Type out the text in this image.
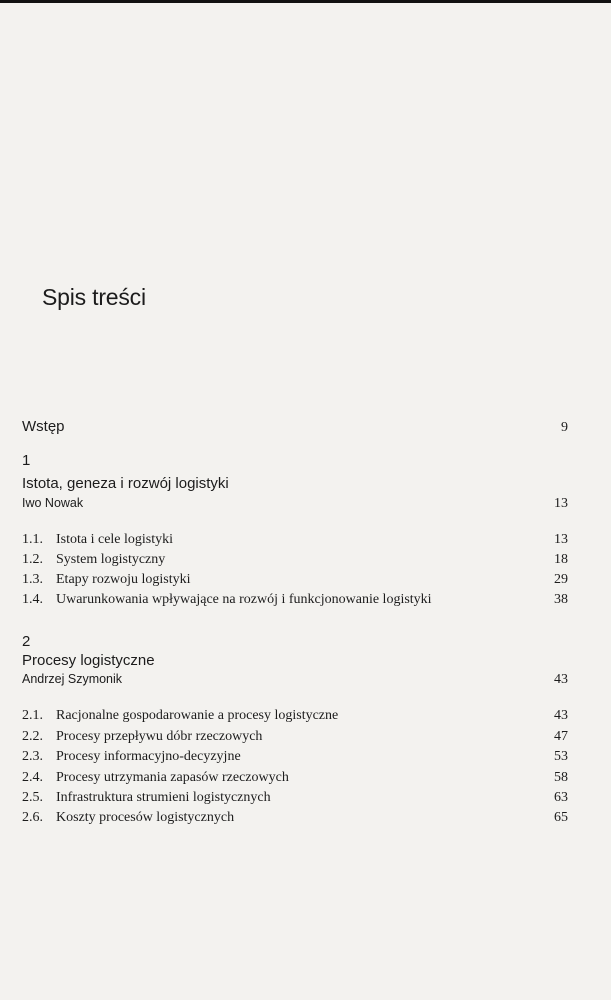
Spis treści
Wstęp	9
1
Istota, geneza i rozwój logistyki
Iwo Nowak	13
1.1. Istota i cele logistyki	13
1.2. System logistyczny	18
1.3. Etapy rozwoju logistyki	29
1.4. Uwarunkowania wpływające na rozwój i funkcjonowanie logistyki	38
2
Procesy logistyczne
Andrzej Szymonik	43
2.1. Racjonalne gospodarowanie a procesy logistyczne	43
2.2. Procesy przepływu dóbr rzeczowych	47
2.3. Procesy informacyjno-decyzyjne	53
2.4. Procesy utrzymania zapasów rzeczowych	58
2.5. Infrastruktura strumieni logistycznych	63
2.6. Koszty procesów logistycznych	65
